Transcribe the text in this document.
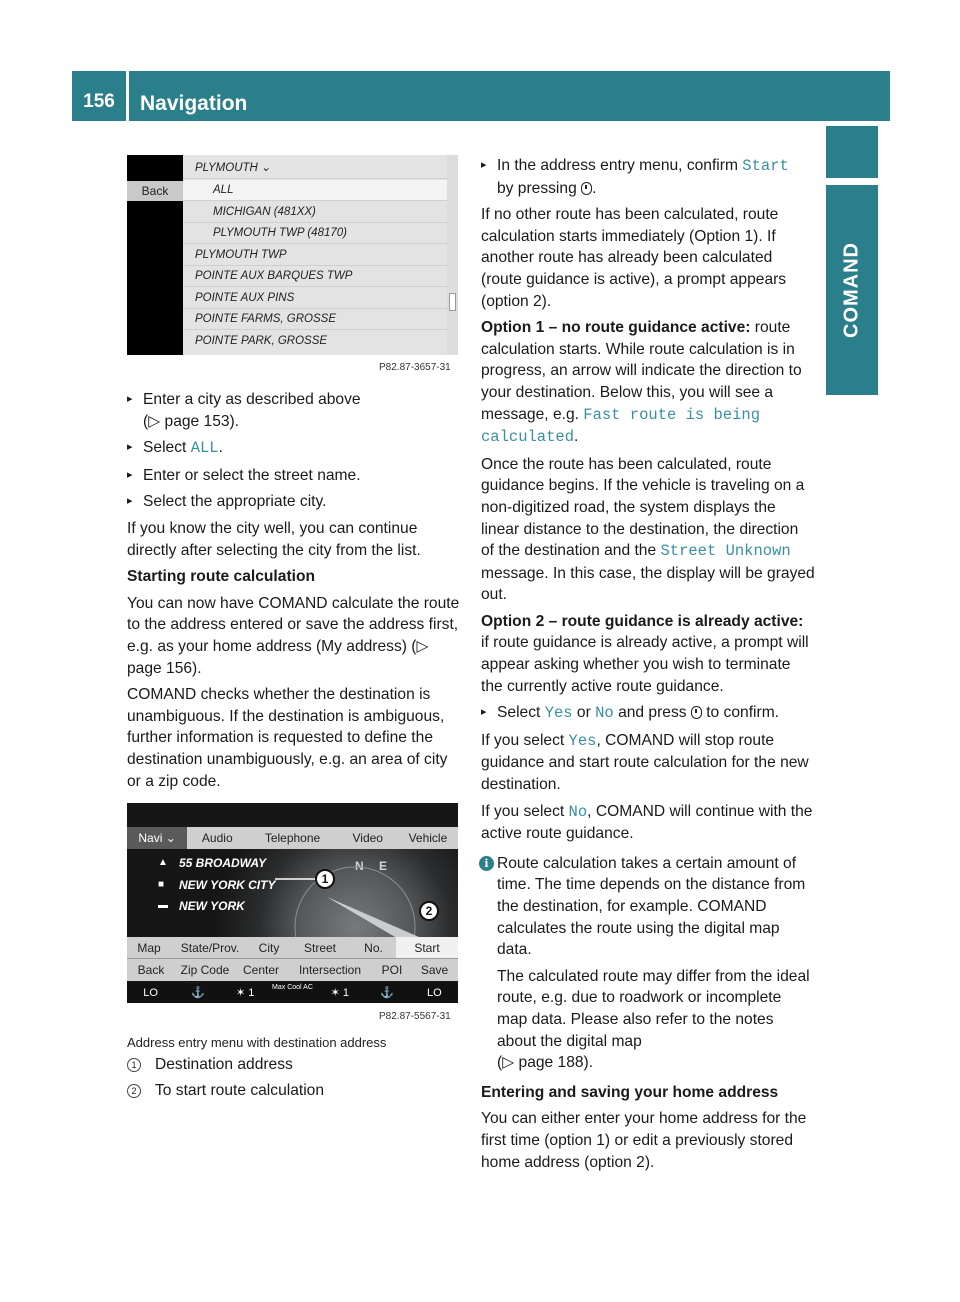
156	Navigation
COMAND
Back
PLYMOUTH ⌄
ALL
MICHIGAN (481XX)
PLYMOUTH TWP (48170)
PLYMOUTH TWP
POINTE AUX BARQUES TWP
POINTE AUX PINS
POINTE FARMS, GROSSE
POINTE PARK, GROSSE
P82.87-3657-31
▸ Enter a city as described above
(▷ page 153).
▸ Select ALL.
▸ Enter or select the street name.
▸ Select the appropriate city.

If you know the city well, you can continue directly after selecting the city from the list.

Starting route calculation

You can now have COMAND calculate the route to the address entered or save the address first, e.g. as your home address (My address) (▷ page 156).

COMAND checks whether the destination is unambiguous. If the destination is ambiguous, further information is requested to define the destination unambiguously, e.g. an area of city or a zip code.

Navi ⌄	Audio	Telephone	Video	Vehicle
N E
▲ 55 BROADWAY
■	NEW YORK CITY
▬ NEW YORK
1
2
Map	State/Prov.	City	Street	No.	Start
Back	Zip Code	Center	Intersection	POI	Save
LO	⚓	✶ 1	Max Cool AC	✶ 1	⚓	LO
P82.87-5567-31
Address entry menu with destination address
1 Destination address
2 To start route calculation
▸ In the address entry menu, confirm Start
by pressing .

If no other route has been calculated, route calculation starts immediately (Option 1). If another route has already been calculated (route guidance is active), a prompt appears (option 2).

Option 1 – no route guidance active: route calculation starts. While route calculation is in progress, an arrow will indicate the direction to your destination. Below this, you will see a message, e.g. Fast route is being calculated.

Once the route has been calculated, route guidance begins. If the vehicle is traveling on a non-digitized road, the system displays the linear distance to the destination, the direction of the destination and the Street Unknown message. In this case, the display will be grayed out.

Option 2 – route guidance is already active: if route guidance is already active, a prompt will appear asking whether you wish to terminate the currently active route guidance.

▸ Select Yes or No and press  to confirm.

If you select Yes, COMAND will stop route guidance and start route calculation for the new destination.

If you select No, COMAND will continue with the active route guidance.

i Route calculation takes a certain amount of time. The time depends on the distance from the destination, for example. COMAND calculates the route using the digital map data.

The calculated route may differ from the ideal route, e.g. due to roadwork or incomplete map data. Please also refer to the notes about the digital map
(▷ page 188).

Entering and saving your home address

You can either enter your home address for the first time (option 1) or edit a previously stored home address (option 2).
